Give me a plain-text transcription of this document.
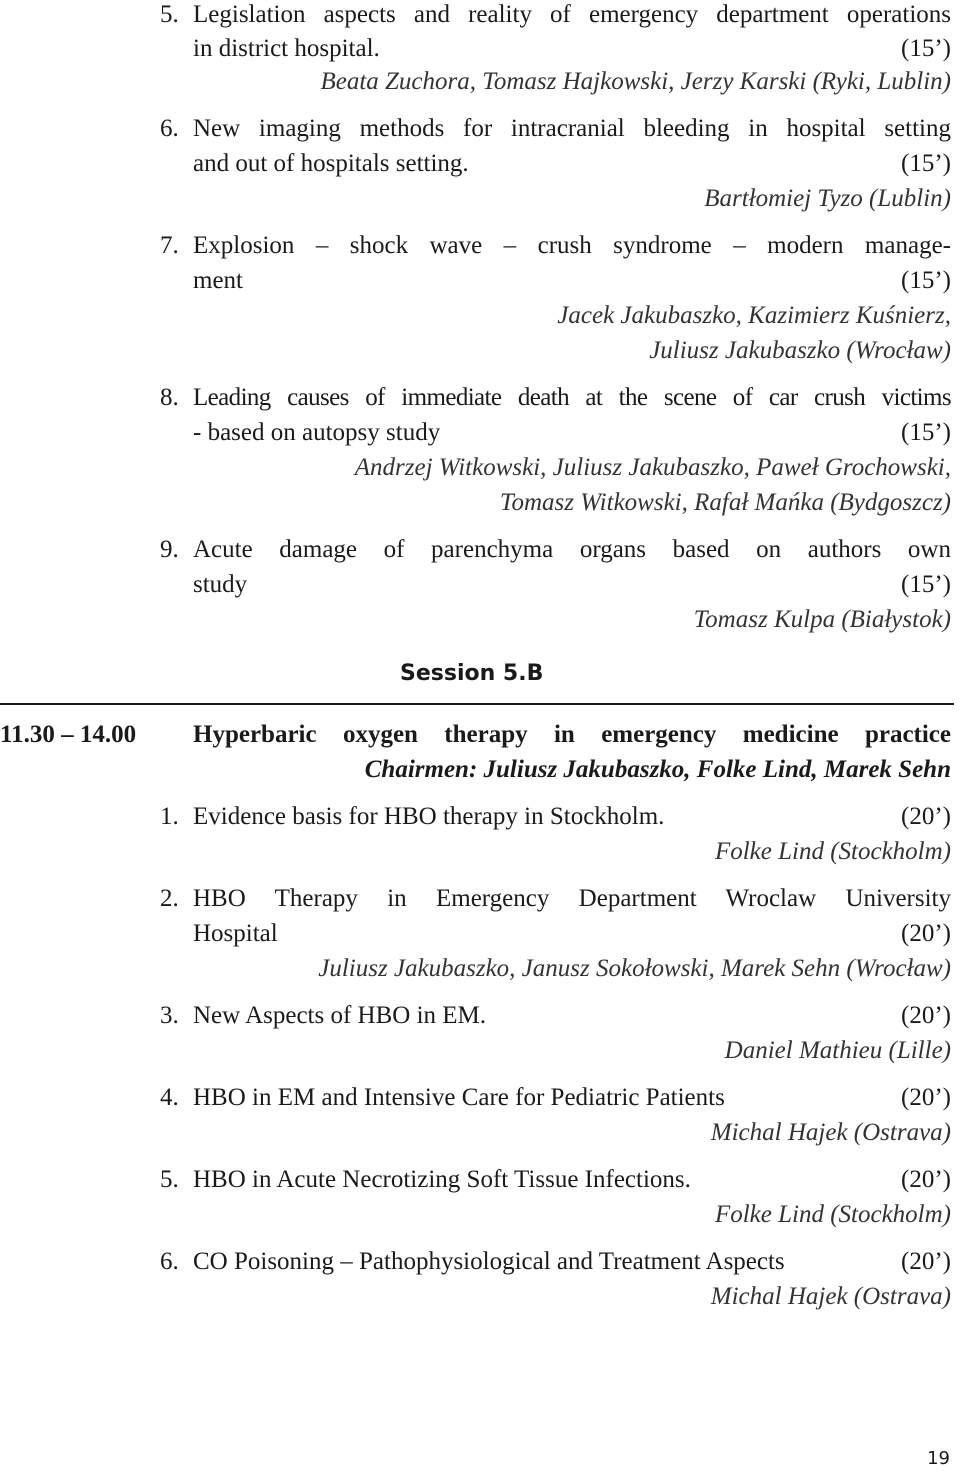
5. Legislation aspects and reality of emergency department operations
in district hospital.	(15’)
Beata Zuchora, Tomasz Hajkowski, Jerzy Karski (Ryki, Lublin)
6. New imaging methods for intracranial bleeding in hospital setting
and out of hospitals setting.	(15’)
Bartłomiej Tyzo (Lublin)
7. Explosion – shock wave – crush syndrome – modern manage-
ment	(15’)
Jacek Jakubaszko, Kazimierz Kuśnierz,
Juliusz Jakubaszko (Wrocław)
8. Leading causes of immediate death at the scene of car crush victims
- based on autopsy study	(15’)
Andrzej Witkowski, Juliusz Jakubaszko, Paweł Grochowski,
Tomasz Witkowski, Rafał Mańka (Bydgoszcz)
9. Acute damage of parenchyma organs based on authors own
study	(15’)
Tomasz Kulpa (Białystok)
Session 5.B
11.30 – 14.00 Hyperbaric oxygen therapy in emergency medicine practice
Chairmen: Juliusz Jakubaszko, Folke Lind, Marek Sehn
1. Evidence basis for HBO therapy in Stockholm.	(20’)
Folke Lind (Stockholm)
2. HBO Therapy in Emergency Department Wroclaw University
Hospital	(20’)
Juliusz Jakubaszko, Janusz Sokołowski, Marek Sehn (Wrocław)
3. New Aspects of HBO in EM.	(20’)
Daniel Mathieu (Lille)
4. HBO in EM and Intensive Care for Pediatric Patients	(20’)
Michal Hajek (Ostrava)
5. HBO in Acute Necrotizing Soft Tissue Infections.	(20’)
Folke Lind (Stockholm)
6. CO Poisoning – Pathophysiological and Treatment Aspects	(20’)
Michal Hajek (Ostrava)
19
